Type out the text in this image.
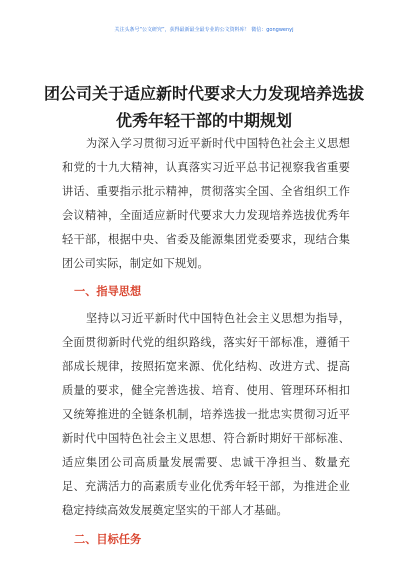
关注头条号“公文研究”，获得最新最全最专业的公文资料库！ 微信：gongwenyj
团公司关于适应新时代要求大力发现培养选拔
优秀年轻干部的中期规划

为深入学习贯彻习近平新时代中国特色社会主义思想和党的十九大精神，认真落实习近平总书记视察我省重要讲话、重要指示批示精神，贯彻落实全国、全省组织工作会议精神，全面适应新时代要求大力发现培养选拔优秀年轻干部，根据中央、省委及能源集团党委要求，现结合集团公司实际，制定如下规划。

一、指导思想

坚持以习近平新时代中国特色社会主义思想为指导，全面贯彻新时代党的组织路线，落实好干部标准，遵循干部成长规律，按照拓宽来源、优化结构、改进方式、提高质量的要求，健全完善选拔、培育、使用、管理环环相扣又统筹推进的全链条机制，培养选拔一批忠实贯彻习近平新时代中国特色社会主义思想、符合新时期好干部标准、适应集团公司高质量发展需要、忠诚干净担当、数量充足、充满活力的高素质专业化优秀年轻干部，为推进企业稳定持续高效发展奠定坚实的干部人才基础。

二、目标任务
